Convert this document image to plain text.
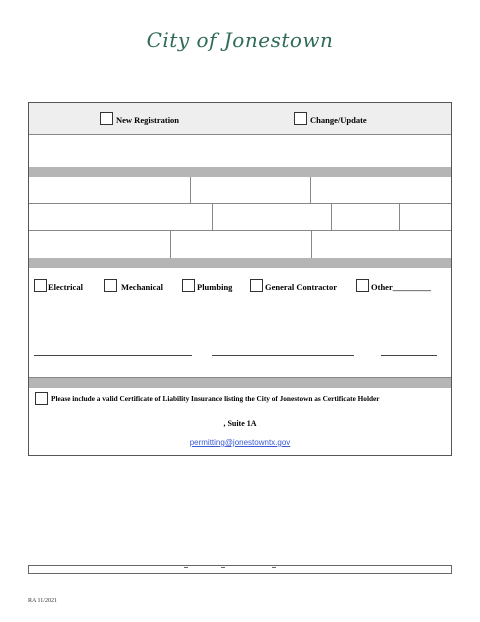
City of Jonestown
New Registration	Change/Update
Electrical	Mechanical	Plumbing	General Contractor	Other_________
Please include a valid Certificate of Liability Insurance listing the City of Jonestown as Certificate Holder
, Suite 1A
permitting@jonestowntx.gov
RA 11/2021
